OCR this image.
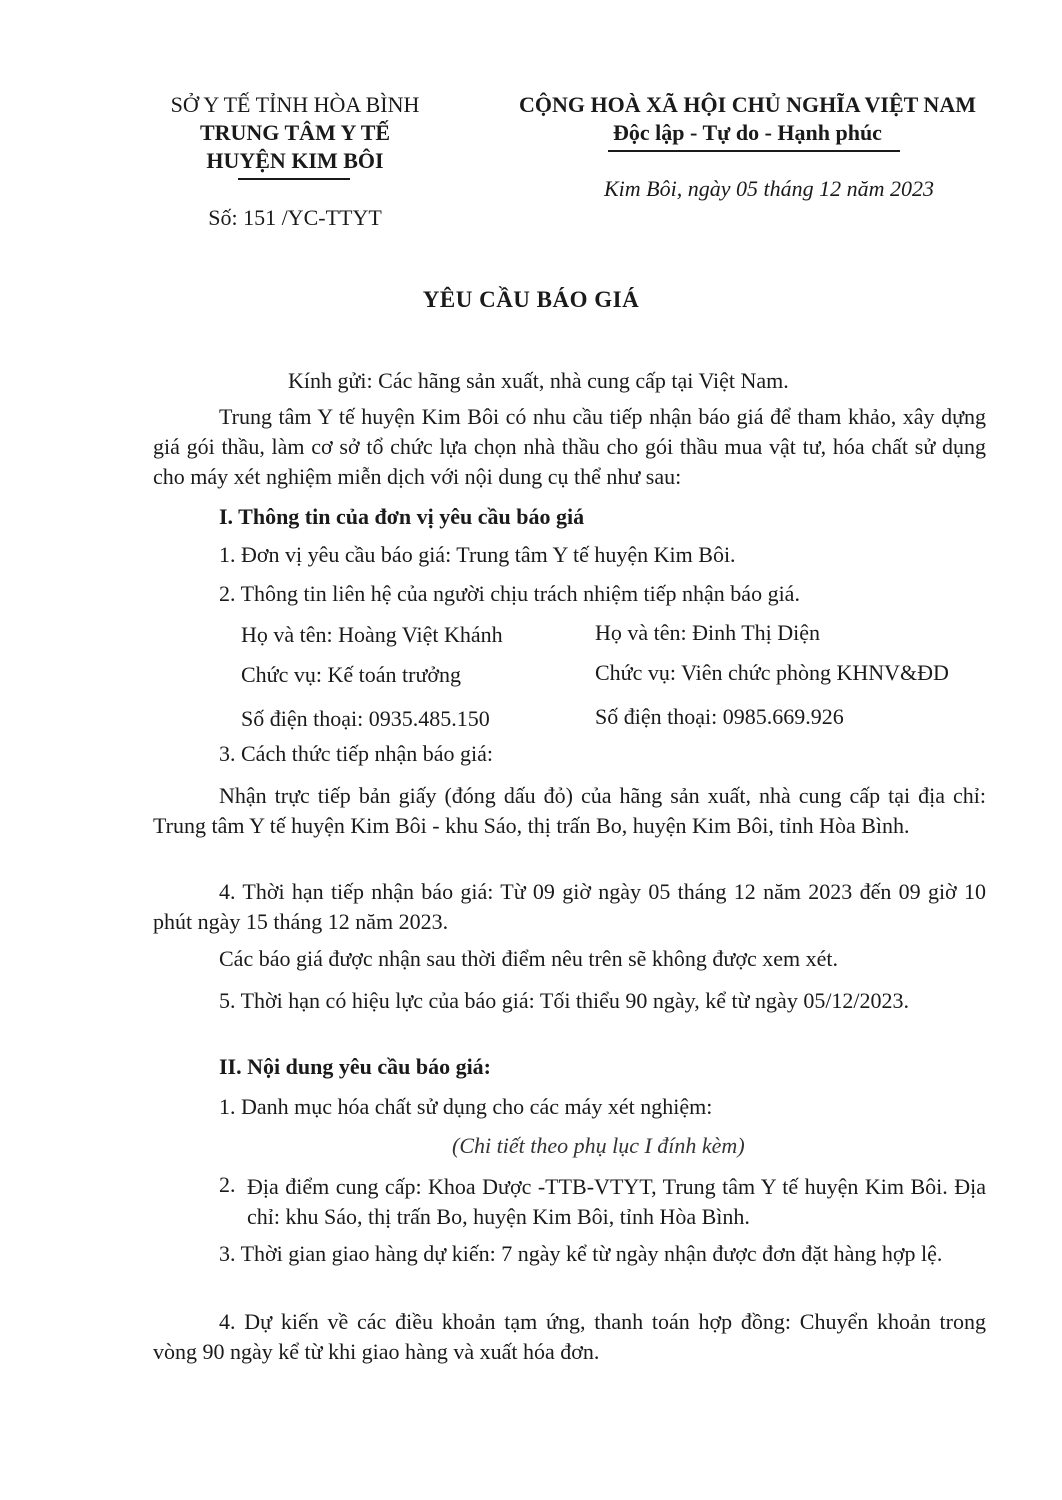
SỞ Y TẾ TỈNH HÒA BÌNH
TRUNG TÂM Y TẾ
HUYỆN KIM BÔI
Số: 151 /YC-TTYT
CỘNG HOÀ XÃ HỘI CHỦ NGHĨA VIỆT NAM
Độc lập - Tự do - Hạnh phúc
Kim Bôi, ngày 05 tháng 12 năm 2023
YÊU CẦU BÁO GIÁ
Kính gửi: Các hãng sản xuất, nhà cung cấp tại Việt Nam.
Trung tâm Y tế huyện Kim Bôi có nhu cầu tiếp nhận báo giá để tham khảo, xây dựng giá gói thầu, làm cơ sở tổ chức lựa chọn nhà thầu cho gói thầu mua vật tư, hóa chất sử dụng cho máy xét nghiệm miễn dịch với nội dung cụ thể như sau:
I. Thông tin của đơn vị yêu cầu báo giá
1. Đơn vị yêu cầu báo giá: Trung tâm Y tế huyện Kim Bôi.
2. Thông tin liên hệ của người chịu trách nhiệm tiếp nhận báo giá.
Họ và tên: Hoàng Việt Khánh
Chức vụ: Kế toán trưởng
Số điện thoại: 0935.485.150
Họ và tên: Đinh Thị Diện
Chức vụ: Viên chức phòng KHNV&ĐD
Số điện thoại: 0985.669.926
3. Cách thức tiếp nhận báo giá:
Nhận trực tiếp bản giấy (đóng dấu đỏ) của hãng sản xuất, nhà cung cấp tại địa chỉ: Trung tâm Y tế huyện Kim Bôi - khu Sáo, thị trấn Bo, huyện Kim Bôi, tỉnh Hòa Bình.
4. Thời hạn tiếp nhận báo giá: Từ 09 giờ ngày 05 tháng 12 năm 2023 đến 09 giờ 10 phút ngày 15 tháng 12 năm 2023.
Các báo giá được nhận sau thời điểm nêu trên sẽ không được xem xét.
5. Thời hạn có hiệu lực của báo giá: Tối thiểu 90 ngày, kể từ ngày 05/12/2023.
II. Nội dung yêu cầu báo giá:
1. Danh mục hóa chất sử dụng cho các máy xét nghiệm:
(Chi tiết theo phụ lục I đính kèm)
2. Địa điểm cung cấp: Khoa Dược -TTB-VTYT, Trung tâm Y tế huyện Kim Bôi. Địa chỉ: khu Sáo, thị trấn Bo, huyện Kim Bôi, tỉnh Hòa Bình.
3. Thời gian giao hàng dự kiến: 7 ngày kể từ ngày nhận được đơn đặt hàng hợp lệ.
4. Dự kiến về các điều khoản tạm ứng, thanh toán hợp đồng: Chuyển khoản trong vòng 90 ngày kể từ khi giao hàng và xuất hóa đơn.
